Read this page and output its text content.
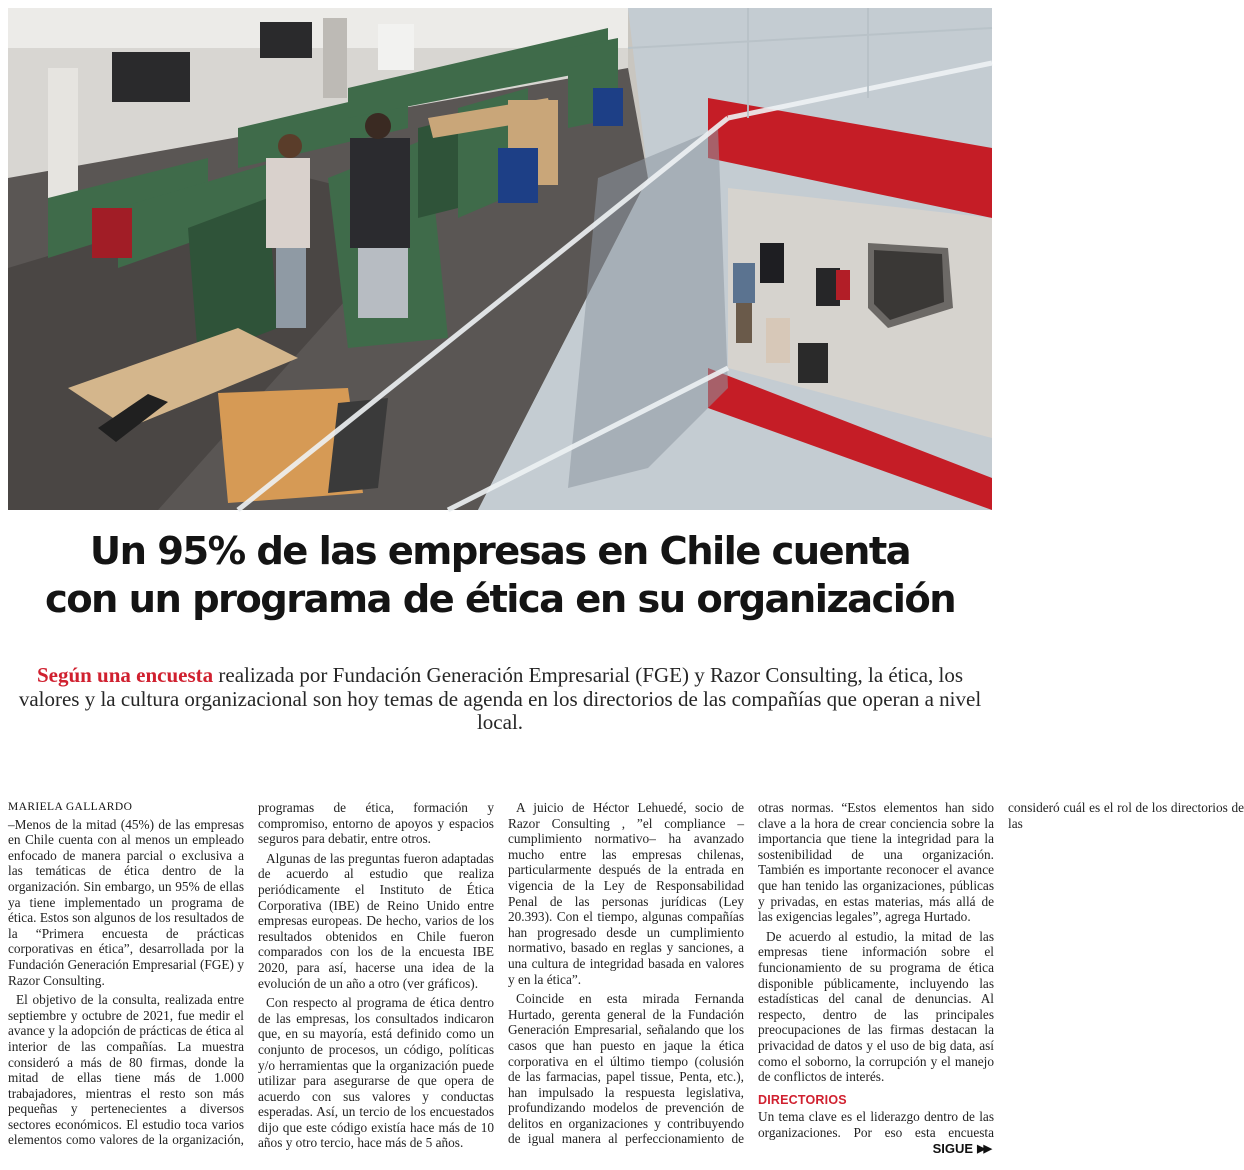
Un 95% de las empresas en Chile cuenta
con un programa de ética en su organización
Según una encuesta realizada por Fundación Generación Empresarial (FGE) y Razor Consulting, la ética, los valores y la cultura organizacional son hoy temas de agenda en los directorios de las compañías que operan a nivel local.
MARIELA GALLARDO

–Menos de la mitad (45%) de las empresas en Chile cuenta con al menos un empleado enfocado de manera parcial o exclusiva a las temáticas de ética dentro de la organización. Sin embargo, un 95% de ellas ya tiene implementado un programa de ética. Estos son algunos de los resultados de la “Primera encuesta de prácticas corporativas en ética”, desarrollada por la Fundación Generación Empresarial (FGE) y Razor Consulting.

El objetivo de la consulta, realizada entre septiembre y octubre de 2021, fue medir el avance y la adopción de prácticas de ética al interior de las compañías. La muestra consideró a más de 80 firmas, donde la mitad de ellas tiene más de 1.000 trabajadores, mientras el resto son más pequeñas y pertenecientes a diversos sectores económicos. El estudio toca varios elementos como valores de la organización, programas de ética, formación y compromiso, entorno de apoyos y espacios seguros para debatir, entre otros.

Algunas de las preguntas fueron adaptadas de acuerdo al estudio que realiza periódicamente el Instituto de Ética Corporativa (IBE) de Reino Unido entre empresas europeas. De hecho, varios de los resultados obtenidos en Chile fueron comparados con los de la encuesta IBE 2020, para así, hacerse una idea de la evolución de un año a otro (ver gráficos).

Con respecto al programa de ética dentro de las empresas, los consultados indicaron que, en su mayoría, está definido como un conjunto de procesos, un código, políticas y/o herramientas que la organización puede utilizar para asegurarse de que opera de acuerdo con sus valores y conductas esperadas. Así, un tercio de los encuestados dijo que este código existía hace más de 10 años y otro tercio, hace más de 5 años.

A juicio de Héctor Lehuedé, socio de Razor Consulting , ”el compliance –cumplimiento normativo– ha avanzado mucho entre las empresas chilenas, particularmente después de la entrada en vigencia de la Ley de Responsabilidad Penal de las personas jurídicas (Ley 20.393). Con el tiempo, algunas compañías han progresado desde un cumplimiento normativo, basado en reglas y sanciones, a una cultura de integridad basada en valores y en la ética”.

Coincide en esta mirada Fernanda Hurtado, gerenta general de la Fundación Generación Empresarial, señalando que los casos que han puesto en jaque la ética corporativa en el último tiempo (colusión de las farmacias, papel tissue, Penta, etc.), han impulsado la respuesta legislativa, profundizando modelos de prevención de delitos en organizaciones y contribuyendo de igual manera al perfeccionamiento de otras normas. “Estos elementos han sido clave a la hora de crear conciencia sobre la importancia que tiene la integridad para la sostenibilidad de una organización. También es importante reconocer el avance que han tenido las organizaciones, públicas y privadas, en estas materias, más allá de las exigencias legales”, agrega Hurtado.

De acuerdo al estudio, la mitad de las empresas tiene información sobre el funcionamiento de su programa de ética disponible públicamente, incluyendo las estadísticas del canal de denuncias. Al respecto, dentro de las principales preocupaciones de las firmas destacan la privacidad de datos y el uso de big data, así como el soborno, la corrupción y el manejo de conflictos de interés.

DIRECTORIOS

Un tema clave es el liderazgo dentro de las organizaciones. Por eso esta encuesta consideró cuál es el rol de los directorios de las

SIGUE ▶▶
